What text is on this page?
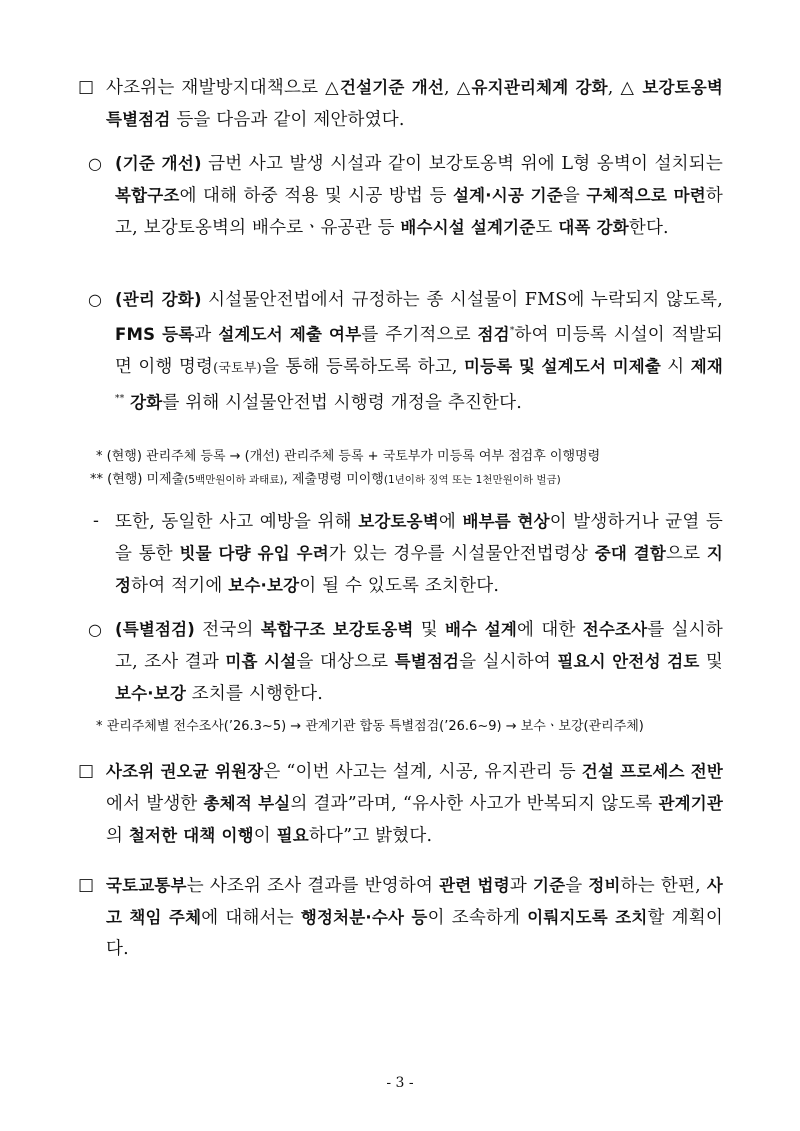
□ 사조위는 재발방지대책으로 △건설기준 개선, △유지관리체계 강화, △ 보강토옹벽 특별점검 등을 다음과 같이 제안하였다.
○ (기준 개선) 금번 사고 발생 시설과 같이 보강토옹벽 위에 L형 옹벽이 설치되는 복합구조에 대해 하중 적용 및 시공 방법 등 설계·시공 기준을 구체적으로 마련하고, 보강토옹벽의 배수로ㆍ유공관 등 배수시설 설계기준도 대폭 강화한다.
○ (관리 강화) 시설물안전법에서 규정하는 종 시설물이 FMS에 누락되지 않도록, FMS 등록과 설계도서 제출 여부를 주기적으로 점검*하여 미등록 시설이 적발되면 이행 명령(국토부)을 통해 등록하도록 하고, 미등록 및 설계도서 미제출 시 제재** 강화를 위해 시설물안전법 시행령 개정을 추진한다.
* (현행) 관리주체 등록 → (개선) 관리주체 등록 + 국토부가 미등록 여부 점검후 이행명령
** (현행) 미제출(5백만원이하 과태료), 제출명령 미이행(1년이하 징역 또는 1천만원이하 벌금)
- 또한, 동일한 사고 예방을 위해 보강토옹벽에 배부름 현상이 발생하거나 균열 등을 통한 빗물 다량 유입 우려가 있는 경우를 시설물안전법령상 중대 결함으로 지정하여 적기에 보수·보강이 될 수 있도록 조치한다.
○ (특별점검) 전국의 복합구조 보강토옹벽 및 배수 설계에 대한 전수조사를 실시하고, 조사 결과 미흡 시설을 대상으로 특별점검을 실시하여 필요시 안전성 검토 및 보수·보강 조치를 시행한다.
* 관리주체별 전수조사(’26.3~5) → 관계기관 합동 특별점검(’26.6~9) → 보수ㆍ보강(관리주체)
□ 사조위 권오균 위원장은 “이번 사고는 설계, 시공, 유지관리 등 건설 프로세스 전반에서 발생한 총체적 부실의 결과”라며, “유사한 사고가 반복되지 않도록 관계기관의 철저한 대책 이행이 필요하다”고 밝혔다.
□ 국토교통부는 사조위 조사 결과를 반영하여 관련 법령과 기준을 정비하는 한편, 사고 책임 주체에 대해서는 행정처분·수사 등이 조속하게 이뤄지도록 조치할 계획이다.
- 3 -
